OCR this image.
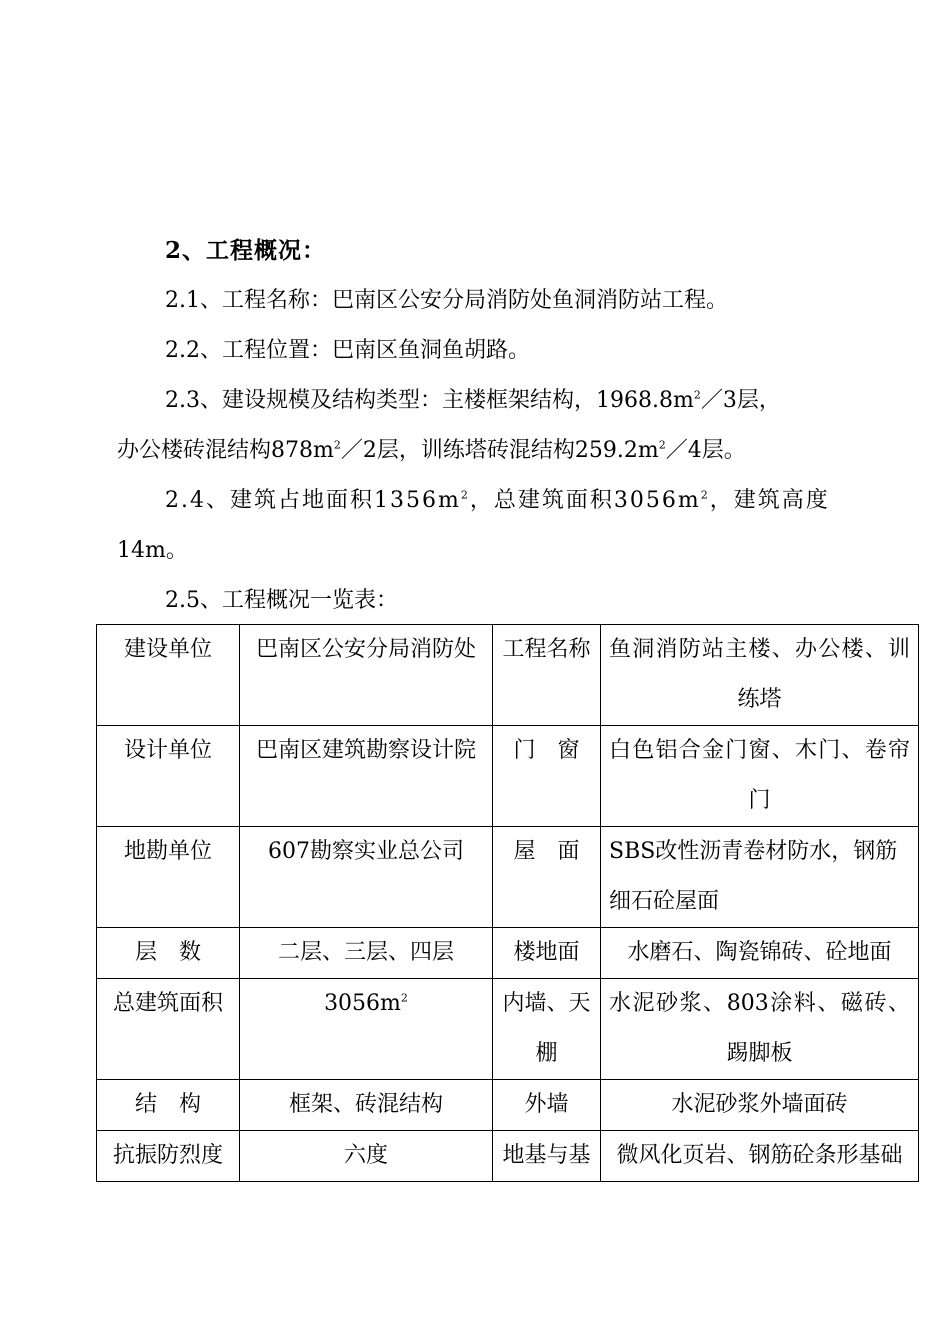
2、工程概况：
2.1、工程名称：巴南区公安分局消防处鱼洞消防站工程。
2.2、工程位置：巴南区鱼洞鱼胡路。
2.3、建设规模及结构类型：主楼框架结构，$1968.8m^2/3$层，
办公楼砖混结构$878m^2/2$层，训练塔砖混结构$259.2m^2/4$层。
2.4、建筑占地面积$1356m^2$，总建筑面积$3056m^2$，建筑高度
14m。
2.5、工程概况一览表：
建设单位	巴南区公安分局消防处	工程名称	鱼洞消防站主楼、办公楼、训练塔
设计单位	巴南区建筑勘察设计院	门　窗	白色铝合金门窗、木门、卷帘门
地勘单位	607勘察实业总公司	屋　面	SBS改性沥青卷材防水，钢筋细石砼屋面
层　数	二层、三层、四层	楼地面	水磨石、陶瓷锦砖、砼地面
总建筑面积	$3056m^2$	内墙、天棚	水泥砂浆、803涂料、磁砖、踢脚板
结　构	框架、砖混结构	外墙	水泥砂浆外墙面砖
抗振防烈度	六度	地基与基	微风化页岩、钢筋砼条形基础
